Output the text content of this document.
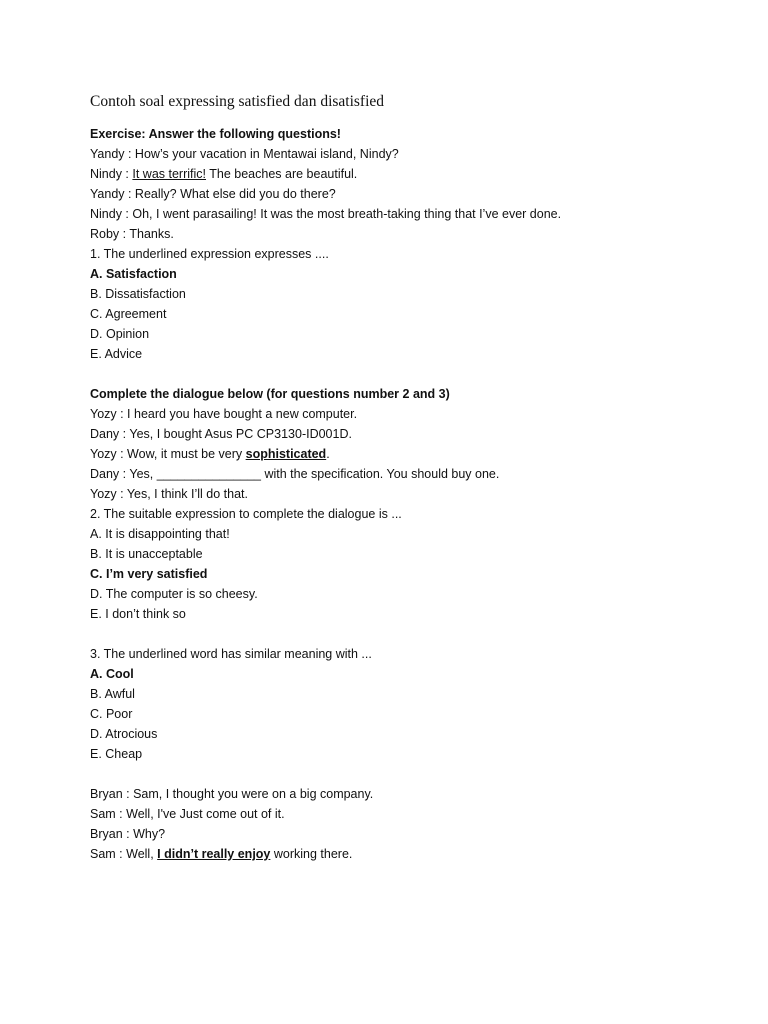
Contoh soal expressing satisfied dan disatisfied
Exercise: Answer the following questions!
Yandy : How’s your vacation in Mentawai island, Nindy?
Nindy : It was terrific! The beaches are beautiful.
Yandy : Really? What else did you do there?
Nindy : Oh, I went parasailing! It was the most breath-taking thing that I’ve ever done.
Roby : Thanks.
1. The underlined expression expresses ....
A. Satisfaction
B. Dissatisfaction
C. Agreement
D. Opinion
E. Advice
Complete the dialogue below (for questions number 2 and 3)
Yozy : I heard you have bought a new computer.
Dany : Yes, I bought Asus PC CP3130-ID001D.
Yozy : Wow, it must be very sophisticated.
Dany : Yes, _______________ with the specification. You should buy one.
Yozy : Yes, I think I’ll do that.
2. The suitable expression to complete the dialogue is ...
A. It is disappointing that!
B. It is unacceptable
C. I’m very satisfied
D. The computer is so cheesy.
E. I don’t think so
3. The underlined word has similar meaning with ...
A. Cool
B. Awful
C. Poor
D. Atrocious
E. Cheap
Bryan : Sam, I thought you were on a big company.
Sam : Well, I've Just come out of it.
Bryan : Why?
Sam : Well, I didn’t really enjoy working there.
